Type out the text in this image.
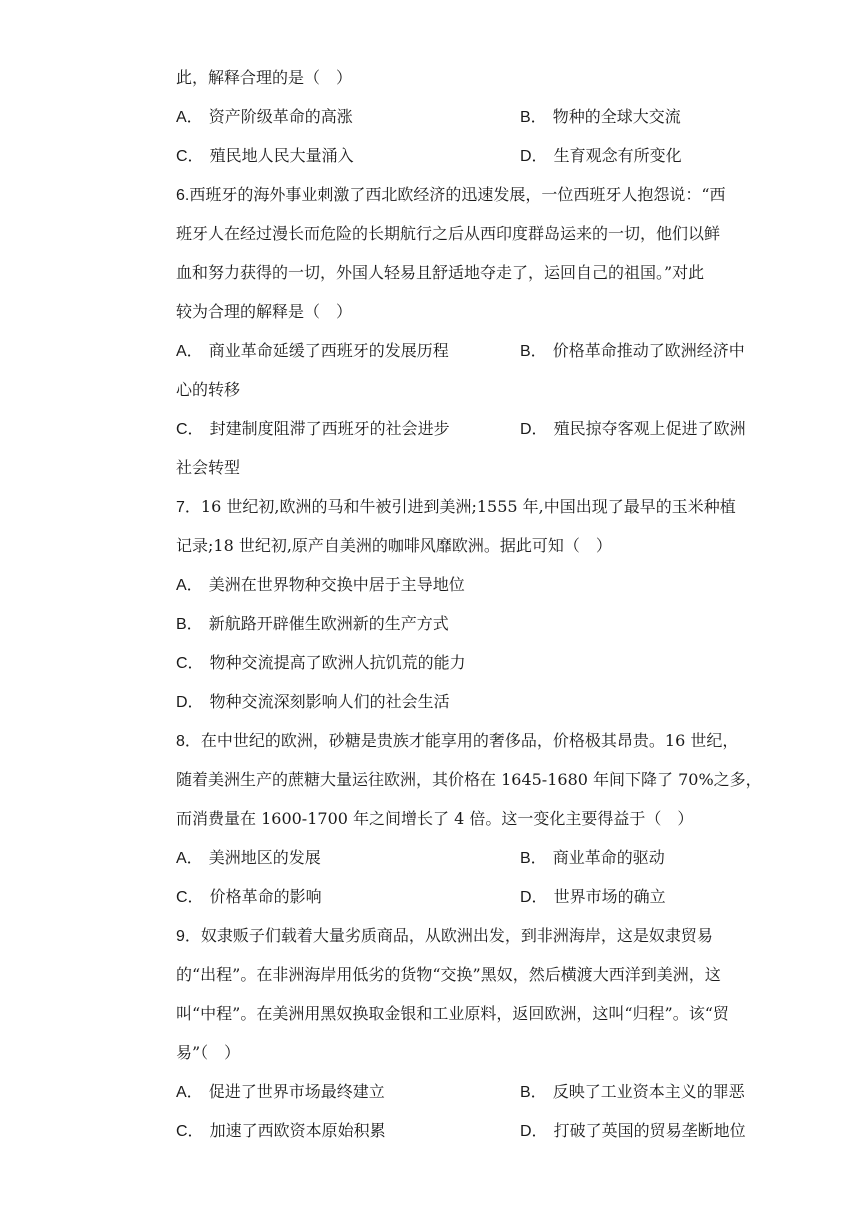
此，解释合理的是（　）
A． 资产阶级革命的高涨	B． 物种的全球大交流
C． 殖民地人民大量涌入	D． 生育观念有所变化
6.西班牙的海外事业刺激了西北欧经济的迅速发展，一位西班牙人抱怨说：“西
班牙人在经过漫长而危险的长期航行之后从西印度群岛运来的一切，他们以鲜
血和努力获得的一切，外国人轻易且舒适地夺走了，运回自己的祖国。”对此
较为合理的解释是（　）
A． 商业革命延缓了西班牙的发展历程	B． 价格革命推动了欧洲经济中
心的转移
C． 封建制度阻滞了西班牙的社会进步	D． 殖民掠夺客观上促进了欧洲
社会转型
7．16 世纪初,欧洲的马和牛被引进到美洲;1555 年,中国出现了最早的玉米种植
记录;18 世纪初,原产自美洲的咖啡风靡欧洲。据此可知（　）
A． 美洲在世界物种交换中居于主导地位
B． 新航路开辟催生欧洲新的生产方式
C． 物种交流提高了欧洲人抗饥荒的能力
D． 物种交流深刻影响人们的社会生活
8．在中世纪的欧洲，砂糖是贵族才能享用的奢侈品，价格极其昂贵。16 世纪，
随着美洲生产的蔗糖大量运往欧洲，其价格在 1645-1680 年间下降了 70%之多，
而消费量在 1600-1700 年之间增长了 4 倍。这一变化主要得益于（　）
A． 美洲地区的发展	B． 商业革命的驱动
C． 价格革命的影响	D． 世界市场的确立
9．奴隶贩子们载着大量劣质商品，从欧洲出发，到非洲海岸，这是奴隶贸易
的“出程”。在非洲海岸用低劣的货物“交换”黑奴，然后横渡大西洋到美洲，这
叫“中程”。在美洲用黑奴换取金银和工业原料，返回欧洲，这叫“归程”。该“贸
易”（　）
A． 促进了世界市场最终建立	B． 反映了工业资本主义的罪恶
C． 加速了西欧资本原始积累	D． 打破了英国的贸易垄断地位
